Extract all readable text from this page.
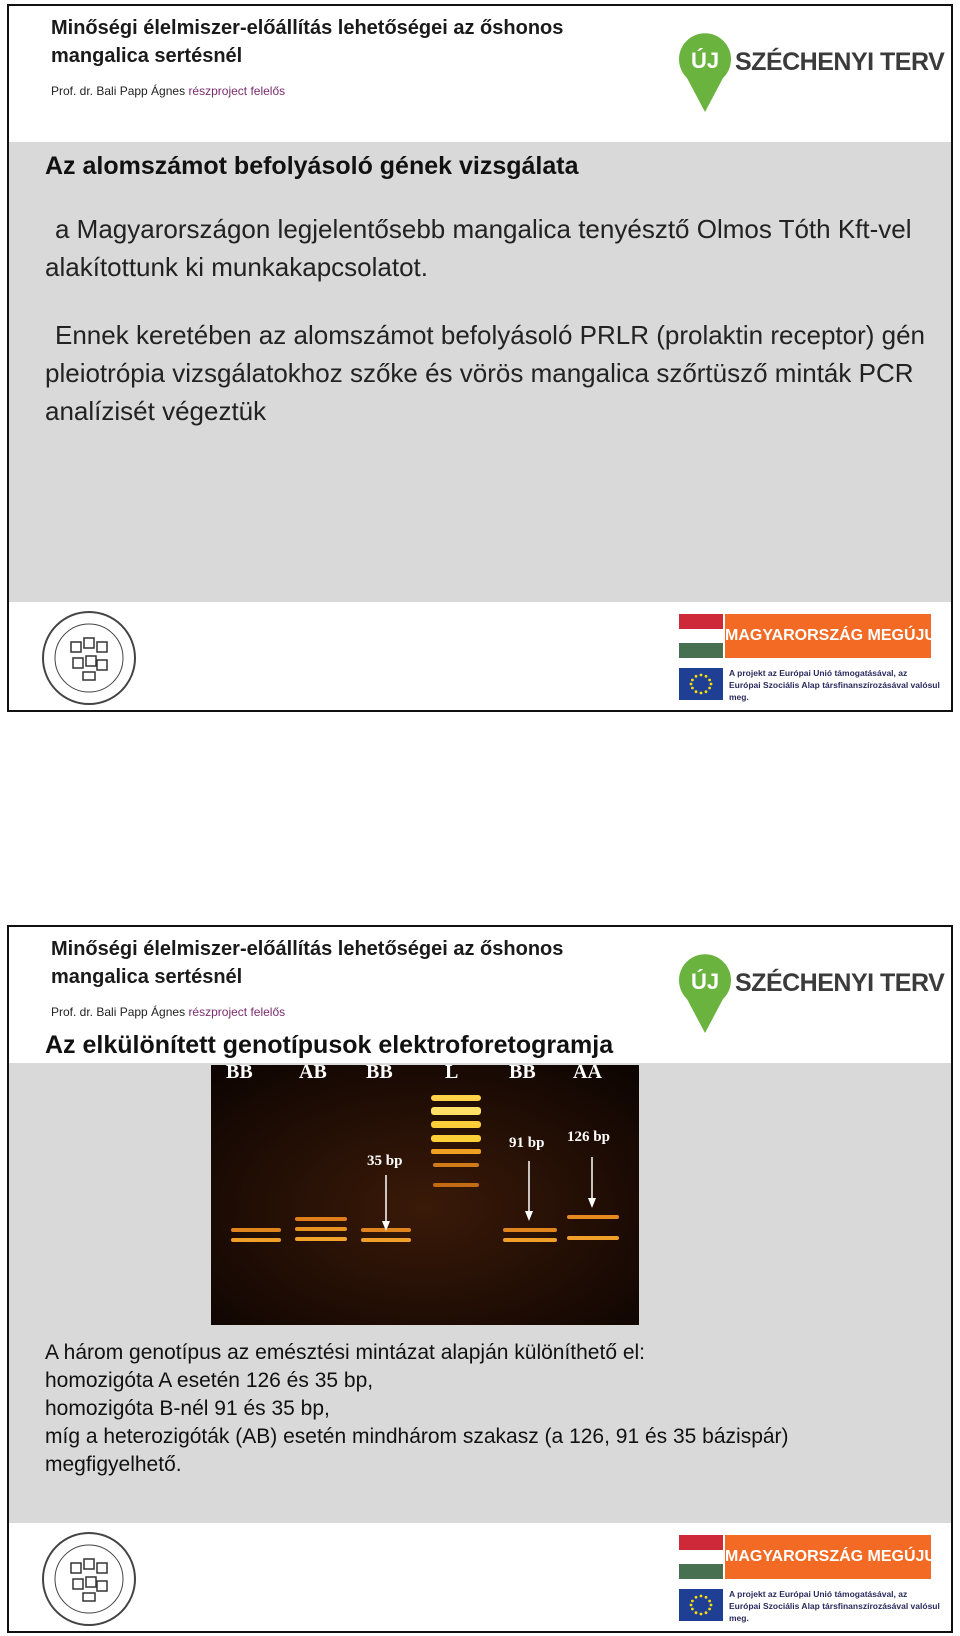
Minőségi élelmiszer-előállítás lehetőségei az őshonos mangalica sertésnél
Prof. dr. Bali Papp Ágnes részproject felelős
ÚJ SZÉCHENYI TERV
Az alomszámot befolyásoló gének vizsgálata
a Magyarországon legjelentősebb mangalica tenyésztő Olmos Tóth Kft-vel alakítottunk ki munkakapcsolatot.
Ennek keretében az alomszámot befolyásoló PRLR (prolaktin receptor) gén pleiotrópia vizsgálatokhoz szőke és vörös mangalica szőrtüsző minták PCR analízisét végeztük
MAGYARORSZÁG MEGÚJUL
A projekt az Európai Unió támogatásával, az Európai Szociális Alap társfinanszírozásával valósul meg.
Minőségi élelmiszer-előállítás lehetőségei az őshonos mangalica sertésnél
Prof. dr. Bali Papp Ágnes részproject felelős
ÚJ SZÉCHENYI TERV
Az elkülönített genotípusok elektroforetogramja
BB AB BB	L	BB AA
35 bp
91 bp 126 bp
A három genotípus az emésztési mintázat alapján különíthető el:
homozigóta A esetén 126 és 35 bp,
homozigóta B-nél 91 és 35 bp,
míg a heterozigóták (AB) esetén mindhárom szakasz (a 126, 91 és 35 bázispár)
megfigyelhető.
MAGYARORSZÁG MEGÚJUL
A projekt az Európai Unió támogatásával, az Európai Szociális Alap társfinanszírozásával valósul meg.
